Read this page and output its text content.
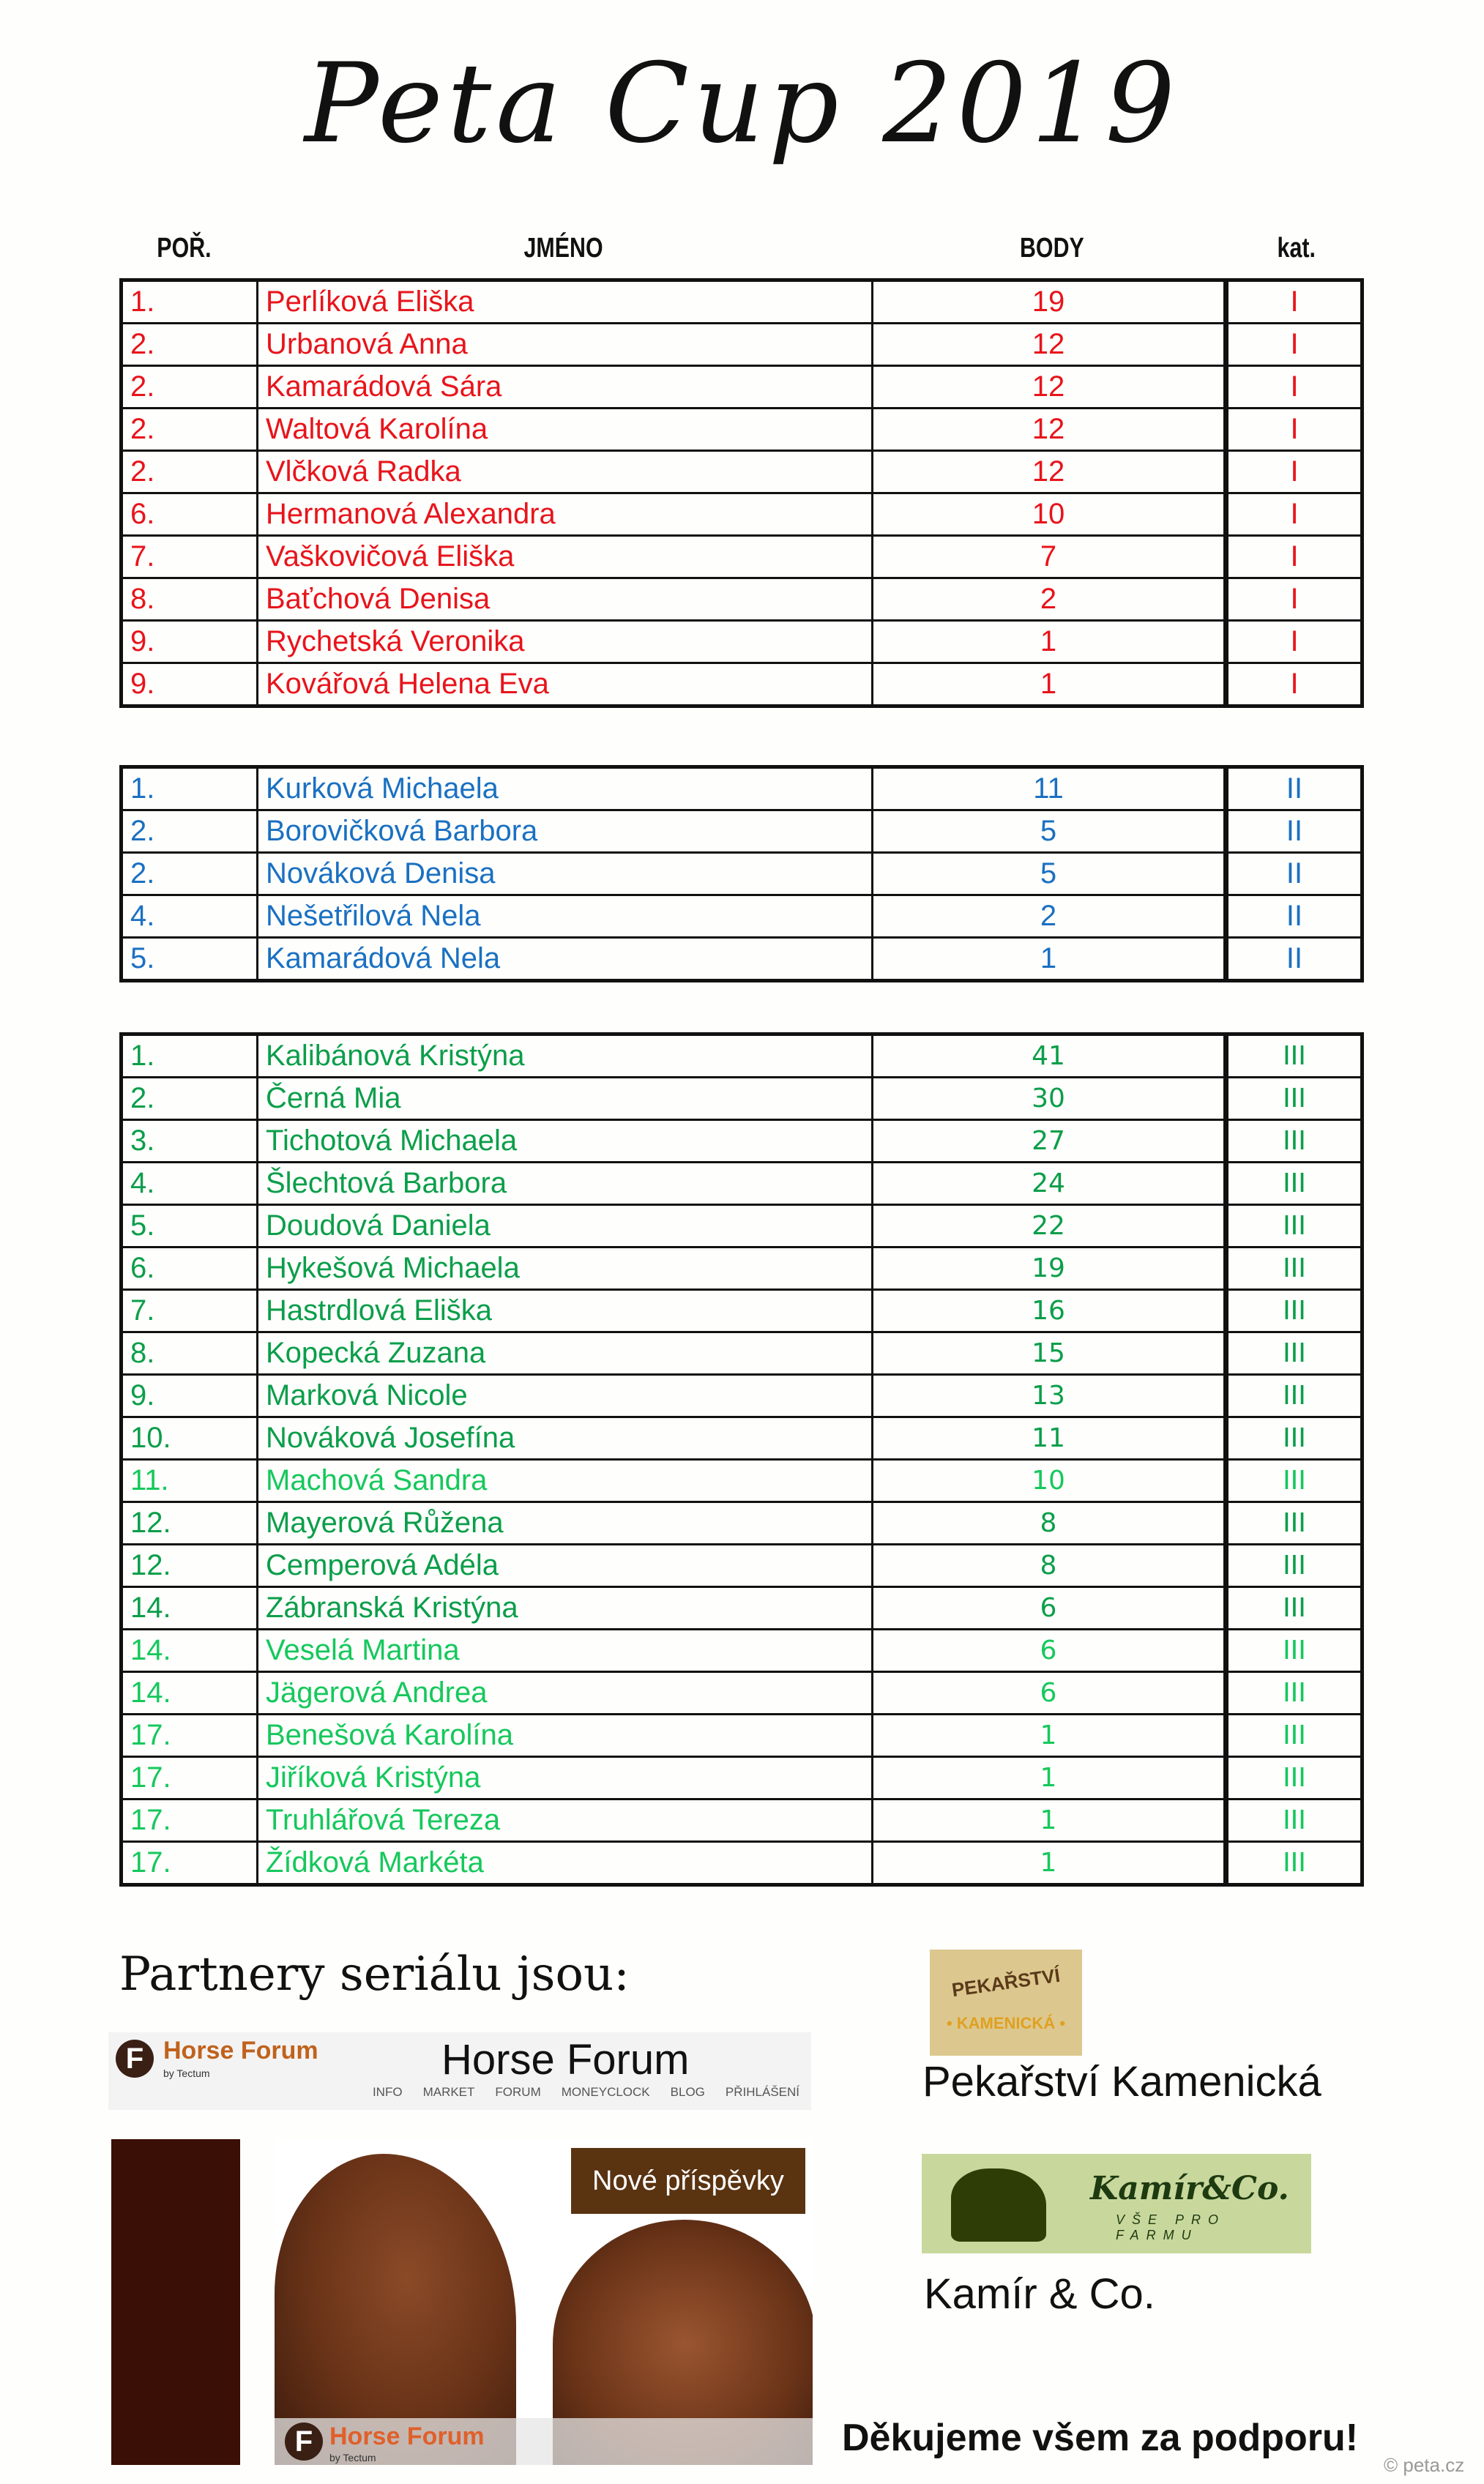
Peta Cup 2019
POŘ.	JMÉNO	BODY	kat.
1.	Perlíková Eliška	19	I
2.	Urbanová Anna	12	I
2.	Kamarádová Sára	12	I
2.	Waltová Karolína	12	I
2.	Vlčková Radka	12	I
6.	Hermanová Alexandra	10	I
7.	Vaškovičová Eliška	7	I
8.	Baťchová Denisa	2	I
9.	Rychetská Veronika	1	I
9.	Kovářová Helena Eva	1	I
1.	Kurková Michaela	11	II
2.	Borovičková Barbora	5	II
2.	Nováková Denisa	5	II
4.	Nešetřilová Nela	2	II
5.	Kamarádová Nela	1	II
1.	Kalibánová Kristýna	41	III
2.	Černá Mia	30	III
3.	Tichotová Michaela	27	III
4.	Šlechtová Barbora	24	III
5.	Doudová Daniela	22	III
6.	Hykešová Michaela	19	III
7.	Hastrdlová Eliška	16	III
8.	Kopecká Zuzana	15	III
9.	Marková Nicole	13	III
10.	Nováková Josefína	11	III
11.	Machová Sandra	10	III
12.	Mayerová Růžena	8	III
12.	Cemperová Adéla	8	III
14.	Zábranská Kristýna	6	III
14.	Veselá Martina	6	III
14.	Jägerová Andrea	6	III
17.	Benešová Karolína	1	III
17.	Jiříková Kristýna	1	III
17.	Truhlářová Tereza	1	III
17.	Žídková Markéta	1	III
Partnery seriálu jsou:
F Horse Forum
by Tectum	Horse Forum
INFO MARKET FORUM MONEYCLOCK BLOG PŘIHLÁŠENÍ
Nové příspěvky
F Horse Forum
by Tectum
PEKAŘSTVÍ
• KAMENICKÁ •
Pekařství Kamenická
Kamír&Co.
VŠE PRO FARMU
Kamír & Co.
Děkujeme všem za podporu!
© peta.cz
